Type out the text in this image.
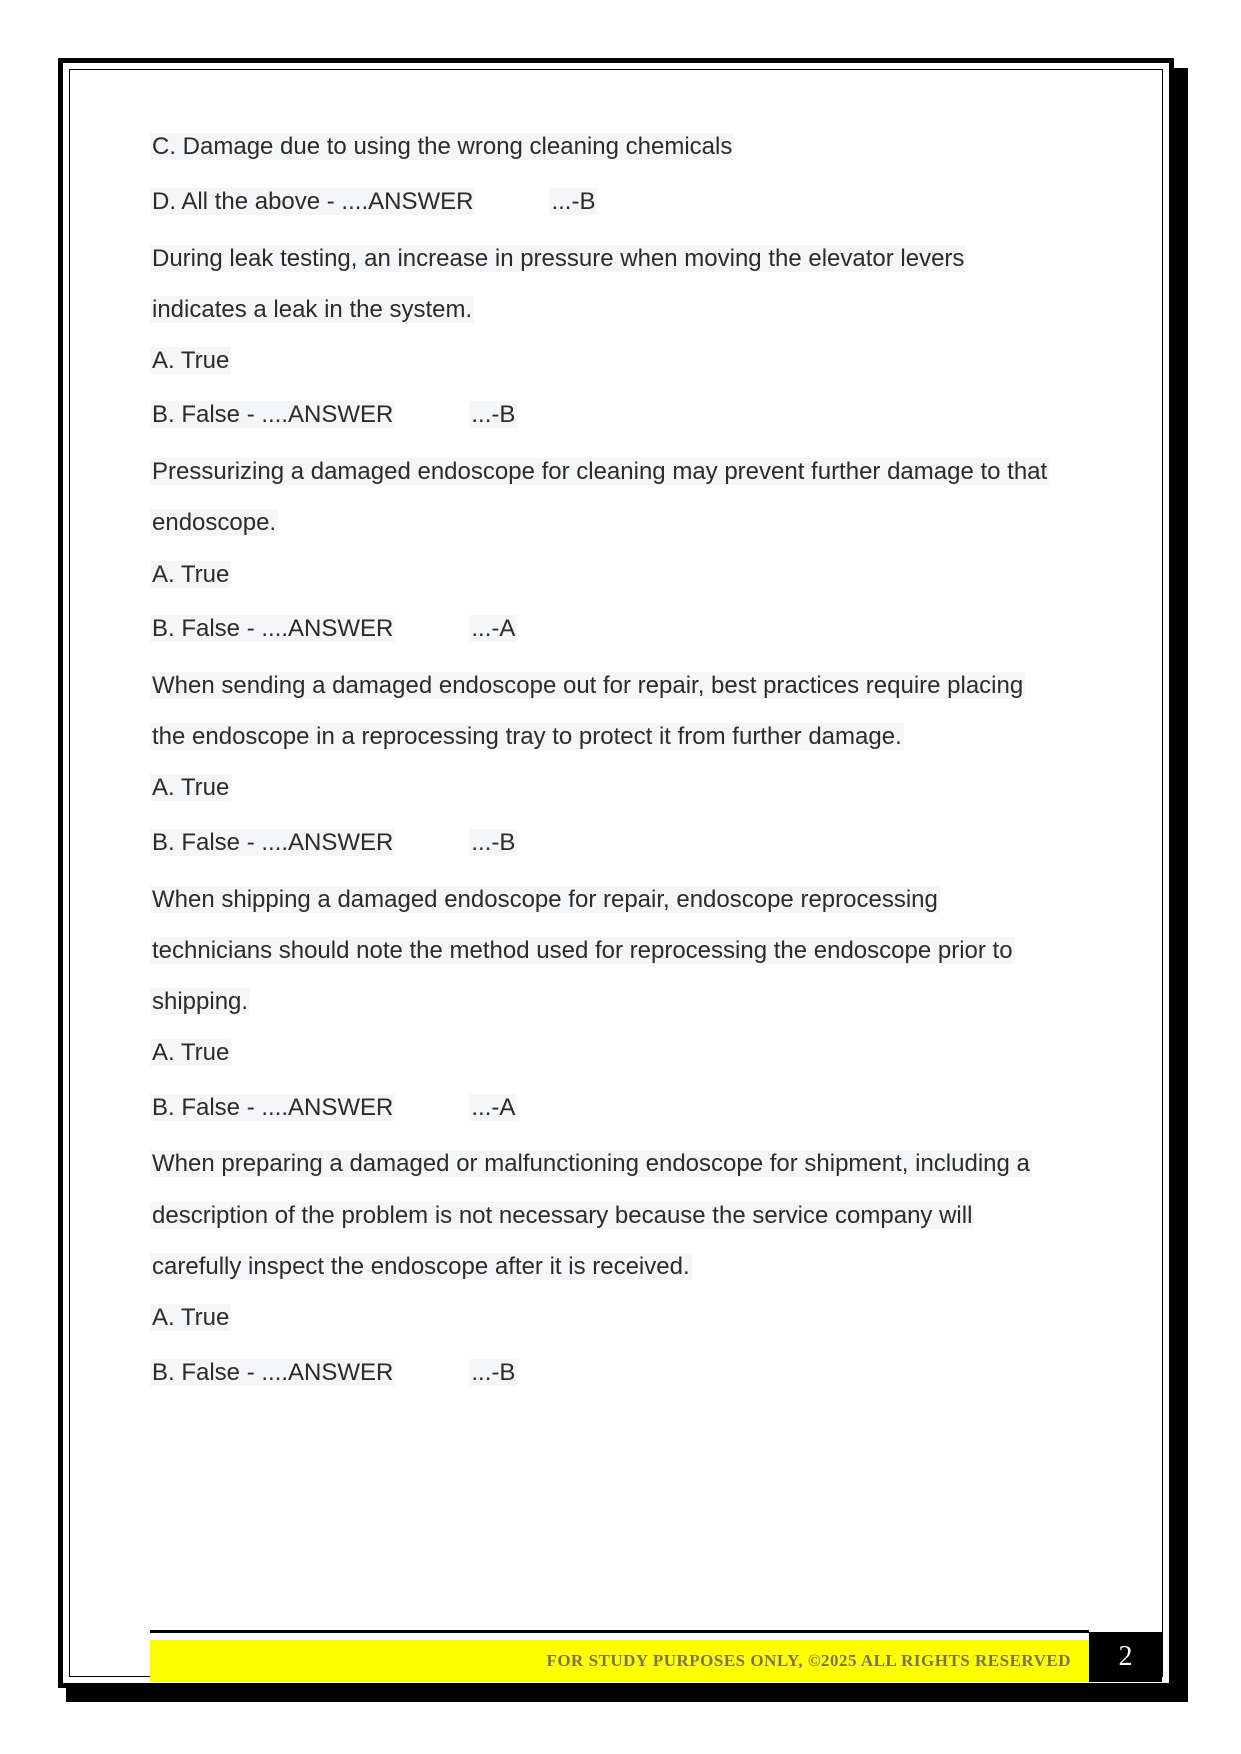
C. Damage due to using the wrong cleaning chemicals
D. All the above - ....ANSWER	...-B
During leak testing, an increase in pressure when moving the elevator levers
indicates a leak in the system.
A. True
B. False - ....ANSWER	...-B
Pressurizing a damaged endoscope for cleaning may prevent further damage to that
endoscope.
A. True
B. False - ....ANSWER	...-A
When sending a damaged endoscope out for repair, best practices require placing
the endoscope in a reprocessing tray to protect it from further damage.
A. True
B. False - ....ANSWER	...-B
When shipping a damaged endoscope for repair, endoscope reprocessing
technicians should note the method used for reprocessing the endoscope prior to
shipping.
A. True
B. False - ....ANSWER	...-A
When preparing a damaged or malfunctioning endoscope for shipment, including a
description of the problem is not necessary because the service company will
carefully inspect the endoscope after it is received.
A. True
B. False - ....ANSWER	...-B
FOR STUDY PURPOSES ONLY, ©2025 ALL RIGHTS RESERVED	2
